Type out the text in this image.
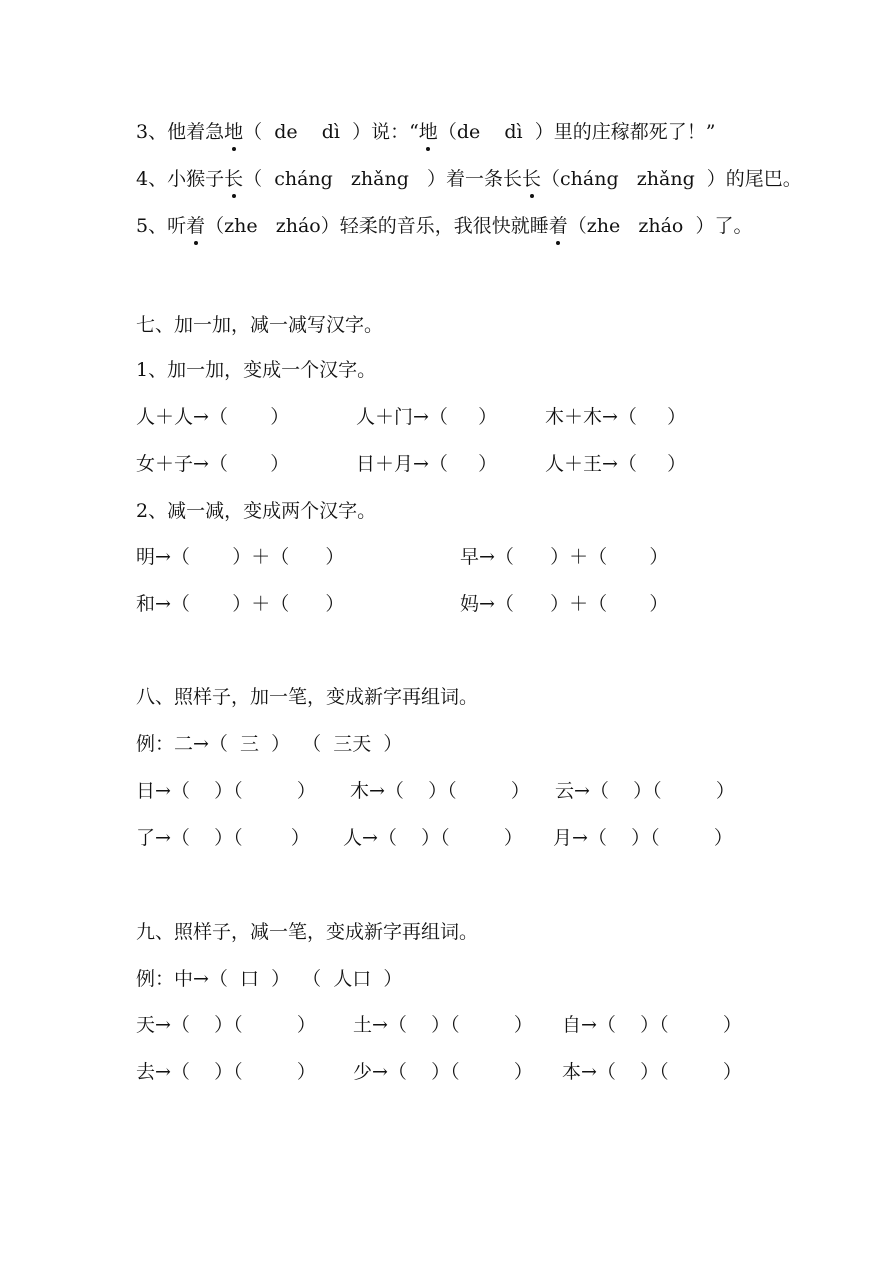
3、他着急地（  de    dì  ）说：“地（de    dì  ）里的庄稼都死了！”
4、小猴子长（  cháng   zhǎng   ）着一条长长（cháng   zhǎng  ）的尾巴。
5、听着（zhe   zháo）轻柔的音乐，我很快就睡着（zhe   zháo  ）了。
七、加一加，减一减写汉字。
1、加一加，变成一个汉字。
人＋人→（       ）	人＋门→（     ）	木＋木→（     ）
女＋子→（       ）	日＋月→（     ）	人＋王→（     ）
2、减一减，变成两个汉字。
明→（       ）＋（      ）	早→（      ）＋（       ）
和→（       ）＋（      ）	妈→（      ）＋（       ）
八、照样子，加一笔，变成新字再组词。
例：二→（  三  ）  （  三天  ）
日→（    ）（         ） 木→（    ）（         ） 云→（    ）（         ）
了→（    ）（        ） 人→（    ）（         ） 月→（    ）（         ）
九、照样子，减一笔，变成新字再组词。
例：中→（  口  ）  （  人口  ）
天→（    ）（         ） 土→（    ）（         ） 自→（    ）（         ）
去→（    ）（         ） 少→（    ）（         ） 本→（    ）（         ）
